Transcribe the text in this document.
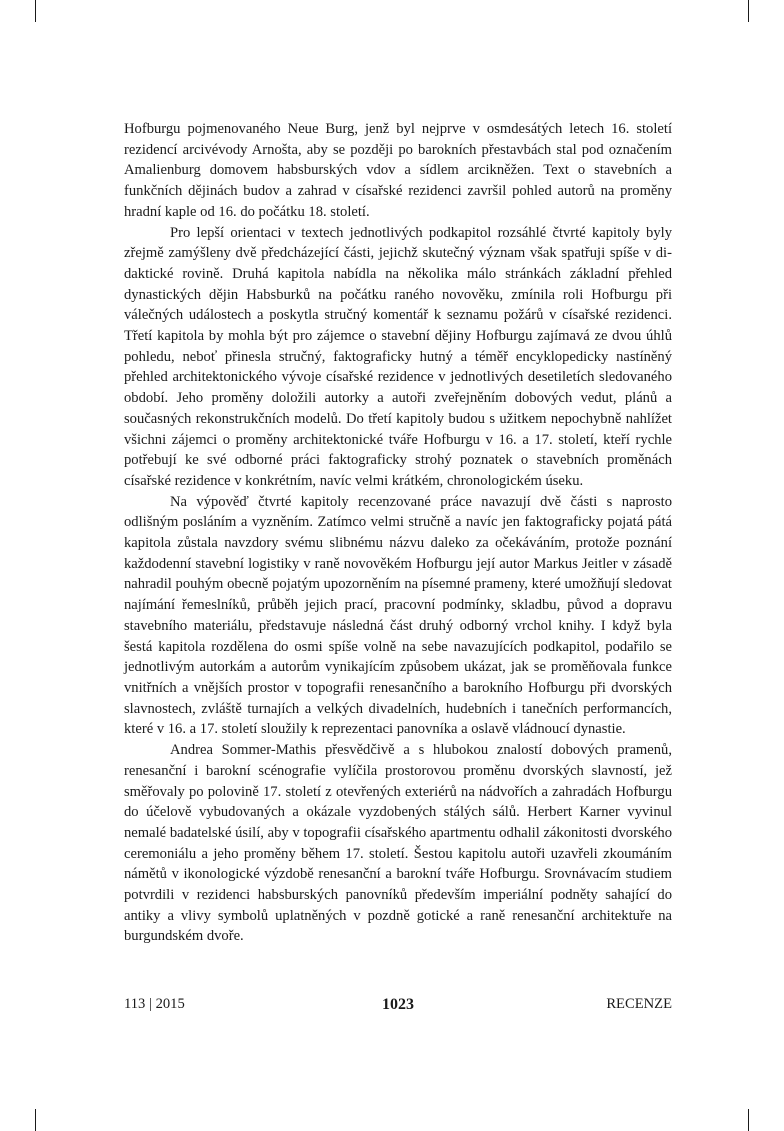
Hofburgu pojmenovaného Neue Burg, jenž byl nejprve v osmdesátých letech 16. století rezidencí arcivévody Arnošta, aby se později po barokních přestavbách stal pod označením Amalienburg domovem habsburských vdov a sídlem arcikněžen. Text o stavebních a funkčních dějinách budov a zahrad v císařské rezidenci završil pohled autorů na proměny hradní kaple od 16. do počátku 18. století.

Pro lepší orientaci v textech jednotlivých podkapitol rozsáhlé čtvrté kapitoly byly zřejmě zamýšleny dvě předcházející části, jejichž skutečný význam však spatřuji spíše v didaktické rovině. Druhá kapitola nabídla na několika málo stránkách základní přehled dynastických dějin Habsburků na počátku raného novověku, zmínila roli Hofburgu při válečných událostech a poskytla stručný komentář k seznamu požárů v císařské rezidenci. Třetí kapitola by mohla být pro zájemce o stavební dějiny Hofburgu zajímavá ze dvou úhlů pohledu, neboť přinesla stručný, faktograficky hutný a téměř encyklopedicky nastíněný přehled architektonického vývoje císařské rezidence v jednotlivých desetiletích sledovaného období. Jeho proměny doložili autorky a autoři zveřejněním dobových vedut, plánů a současných rekonstrukčních modelů. Do třetí kapitoly budou s užitkem nepochybně nahlížet všichni zájemci o proměny architektonické tváře Hofburgu v 16. a 17. století, kteří rychle potřebují ke své odborné práci faktograficky strohý poznatek o stavebních proměnách císařské rezidence v konkrétním, navíc velmi krátkém, chronologickém úseku.

Na výpověď čtvrté kapitoly recenzované práce navazují dvě části s naprosto odlišným posláním a vyzněním. Zatímco velmi stručně a navíc jen faktograficky pojatá pátá kapitola zůstala navzdory svému slibnému názvu daleko za očekáváním, protože poznání každodenní stavební logistiky v raně novověkém Hofburgu její autor Markus Jeitler v zásadě nahradil pouhým obecně pojatým upozorněním na písemné prameny, které umožňují sledovat najímání řemeslníků, průběh jejich prací, pracovní podmínky, skladbu, původ a dopravu stavebního materiálu, představuje následná část druhý odborný vrchol knihy. I když byla šestá kapitola rozdělena do osmi spíše volně na sebe navazujících podkapitol, podařilo se jednotlivým autorkám a autorům vynikajícím způsobem ukázat, jak se proměňovala funkce vnitřních a vnějších prostor v topografii renesančního a barokního Hofburgu při dvorských slavnostech, zvláště turnajích a velkých divadelních, hudebních i tanečních performancích, které v 16. a 17. století sloužily k reprezentaci panovníka a oslavě vládnoucí dynastie.

Andrea Sommer-Mathis přesvědčivě a s hlubokou znalostí dobových pramenů, renesanční i barokní scénografie vylíčila prostorovou proměnu dvorských slavností, jež směřovaly po polovině 17. století z otevřených exteriérů na nádvořích a zahradách Hofburgu do účelově vybudovaných a okázale vyzdobených stálých sálů. Herbert Karner vyvinul nemalé badatelské úsilí, aby v topografii císařského apartmentu odhalil zákonitosti dvorského ceremoniálu a jeho proměny během 17. století. Šestou kapitolu autoři uzavřeli zkoumáním námětů v ikonologické výzdobě renesanční a barokní tváře Hofburgu. Srovnávacím studiem potvrdili v rezidenci habsburských panovníků především imperiální podněty sahající do antiky a vlivy symbolů uplatněných v pozdně gotické a raně renesanční architektuře na burgundském dvoře.

113 | 2015	1023	RECENZE
